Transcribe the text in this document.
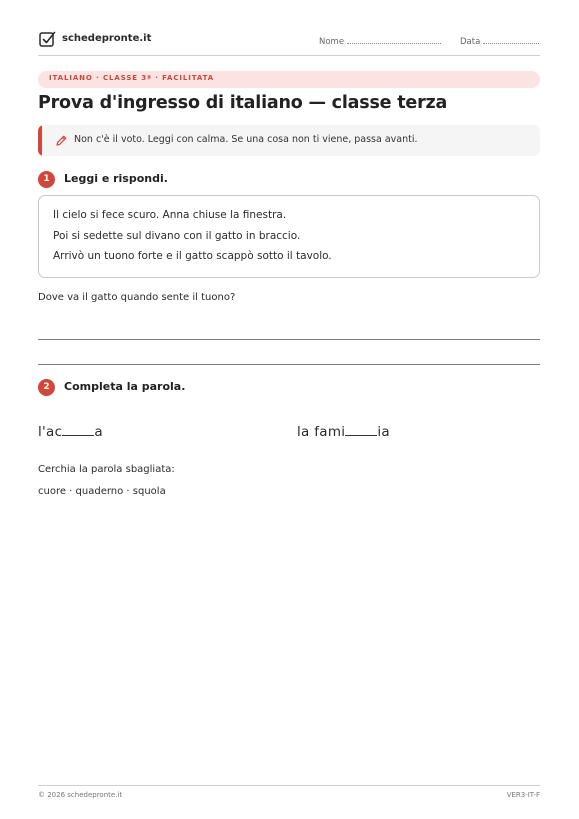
schedepronte.it	Nome	Data
ITALIANO · CLASSE 3ª · FACILITATA
Prova d'ingresso di italiano — classe terza
Non c'è il voto. Leggi con calma. Se una cosa non ti viene, passa avanti.
1	Leggi e rispondi.
Il cielo si fece scuro. Anna chiuse la finestra.
Poi si sedette sul divano con il gatto in braccio.
Arrivò un tuono forte e il gatto scappò sotto il tavolo.
Dove va il gatto quando sente il tuono?
2	Completa la parola.
l'ac a	la fami ia
Cerchia la parola sbagliata:
cuore · quaderno · squola
© 2026 schedepronte.it	VER3-IT-F
